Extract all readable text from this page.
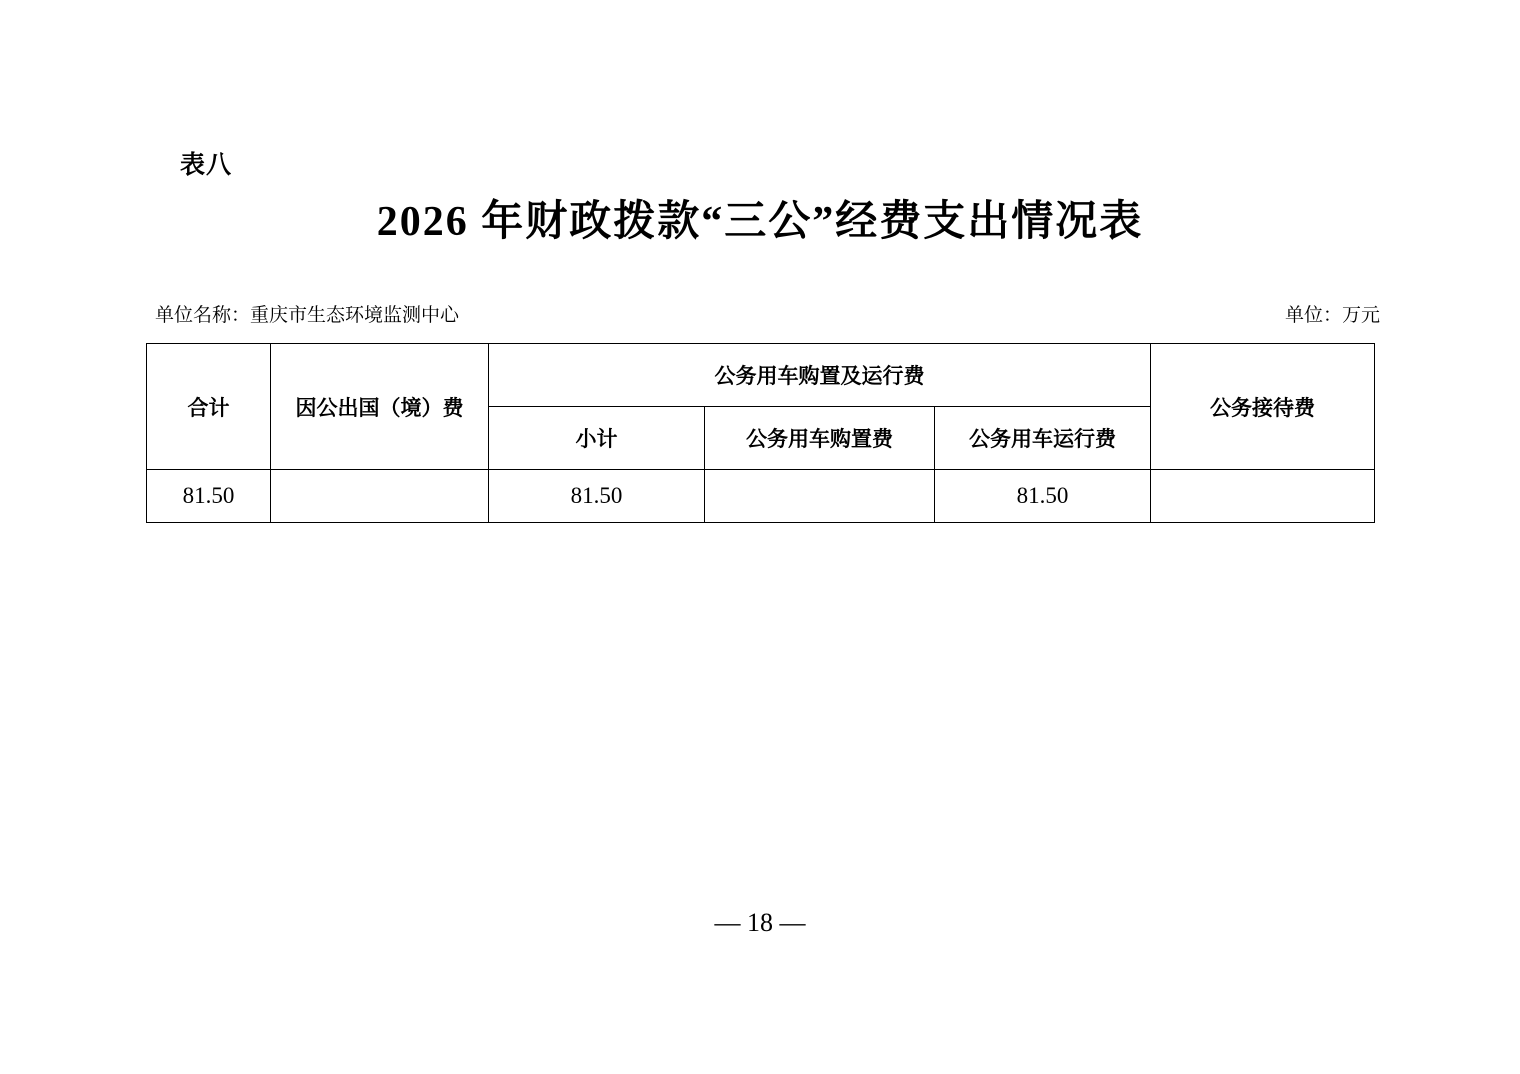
表八
2026 年财政拨款“三公”经费支出情况表
单位名称：重庆市生态环境监测中心	单位：万元
合计	因公出国（境）费	公务用车购置及运行费			公务接待费
		小计	公务用车购置费	公务用车运行费	
81.50		81.50		81.50	
— 18 —
